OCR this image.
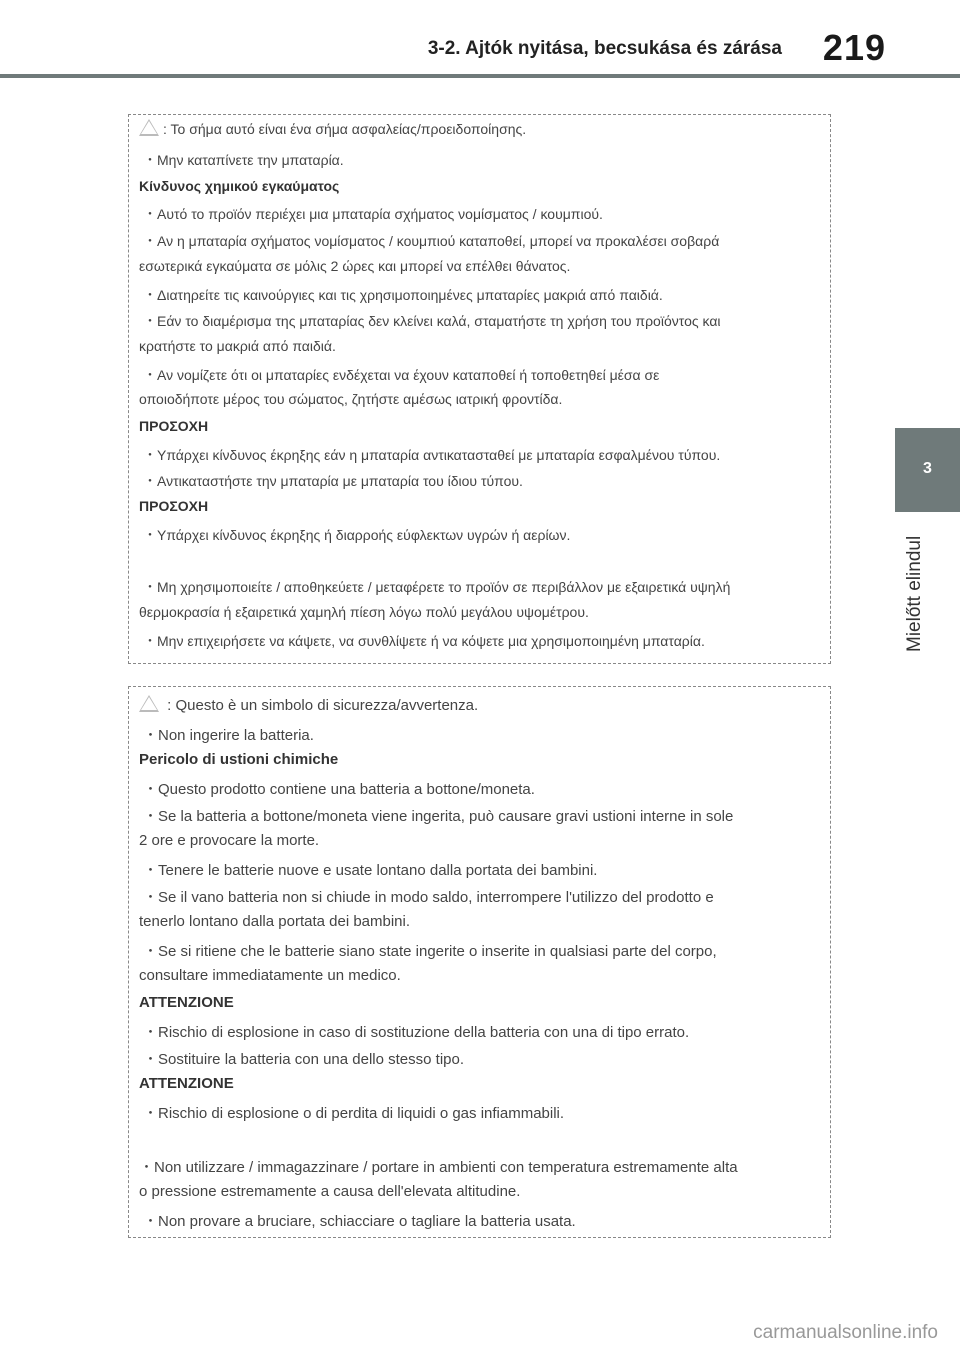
3-2. Ajtók nyitása, becsukása és zárása 219
3
Mielőtt elindul
: Το σήμα αυτό είναι ένα σήμα ασφαλείας/προειδοποίησης.
・Μην καταπίνετε την μπαταρία.
Κίνδυνος χημικού εγκαύματος
・Αυτό το προϊόν περιέχει μια μπαταρία σχήματος νομίσματος / κουμπιού.
・Αν η μπαταρία σχήματος νομίσματος / κουμπιού καταποθεί, μπορεί να προκαλέσει σοβαρά
εσωτερικά εγκαύματα σε μόλις 2 ώρες και μπορεί να επέλθει θάνατος.
・Διατηρείτε τις καινούργιες και τις χρησιμοποιημένες μπαταρίες μακριά από παιδιά.
・Εάν το διαμέρισμα της μπαταρίας δεν κλείνει καλά, σταματήστε τη χρήση του προϊόντος και
κρατήστε το μακριά από παιδιά.
・Αν νομίζετε ότι οι μπαταρίες ενδέχεται να έχουν καταποθεί ή τοποθετηθεί μέσα σε
οποιοδήποτε μέρος του σώματος, ζητήστε αμέσως ιατρική φροντίδα.
ΠΡΟΣΟΧΗ
・Υπάρχει κίνδυνος έκρηξης εάν η μπαταρία αντικατασταθεί με μπαταρία εσφαλμένου τύπου.
・Αντικαταστήστε την μπαταρία με μπαταρία του ίδιου τύπου.
ΠΡΟΣΟΧΗ
・Υπάρχει κίνδυνος έκρηξης ή διαρροής εύφλεκτων υγρών ή αερίων.
・Μη χρησιμοποιείτε / αποθηκεύετε / μεταφέρετε το προϊόν σε περιβάλλον με εξαιρετικά υψηλή
θερμοκρασία ή εξαιρετικά χαμηλή πίεση λόγω πολύ μεγάλου υψομέτρου.
・Μην επιχειρήσετε να κάψετε, να συνθλίψετε ή να κόψετε μια χρησιμοποιημένη μπαταρία.
: Questo è un simbolo di sicurezza/avvertenza.
・Non ingerire la batteria.
Pericolo di ustioni chimiche
・Questo prodotto contiene una batteria a bottone/moneta.
・Se la batteria a bottone/moneta viene ingerita, può causare gravi ustioni interne in sole
2 ore e provocare la morte.
・Tenere le batterie nuove e usate lontano dalla portata dei bambini.
・Se il vano batteria non si chiude in modo saldo, interrompere l'utilizzo del prodotto e
tenerlo lontano dalla portata dei bambini.
・Se si ritiene che le batterie siano state ingerite o inserite in qualsiasi parte del corpo,
consultare immediatamente un medico.
ATTENZIONE
・Rischio di esplosione in caso di sostituzione della batteria con una di tipo errato.
・Sostituire la batteria con una dello stesso tipo.
ATTENZIONE
・Rischio di esplosione o di perdita di liquidi o gas infiammabili.
・Non utilizzare / immagazzinare / portare in ambienti con temperatura estremamente alta
o pressione estremamente a causa dell'elevata altitudine.
・Non provare a bruciare, schiacciare o tagliare la batteria usata.
carmanualsonline.info
